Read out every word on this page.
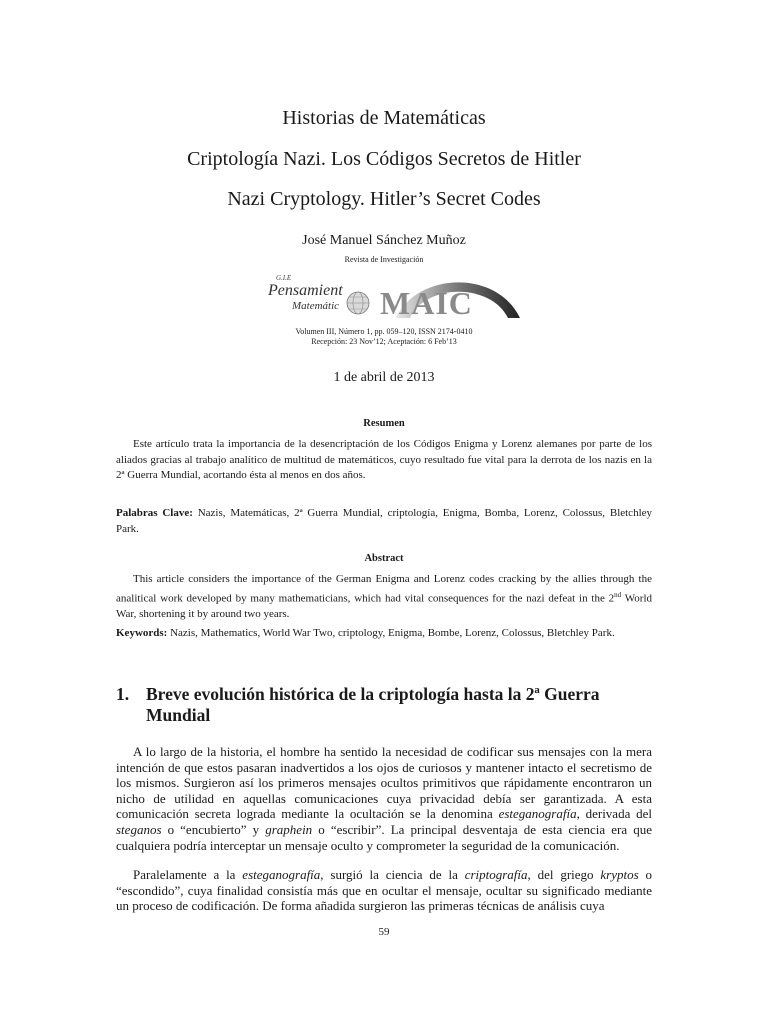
Historias de Matemáticas
Criptología Nazi. Los Códigos Secretos de Hitler
Nazi Cryptology. Hitler’s Secret Codes
José Manuel Sánchez Muñoz
Revista de Investigación
G.I.E
Pensamient
Matemátic MAIC
Volumen III, Número 1, pp. 059–120, ISSN 2174-0410
Recepción: 23 Nov’12; Aceptación: 6 Feb’13
1 de abril de 2013
Resumen

Este artículo trata la importancia de la desencriptación de los Códigos Enigma y Lorenz alemanes por parte de los aliados gracias al trabajo analítico de multitud de matemáticos, cuyo resultado fue vital para la derrota de los nazis en la 2ª Guerra Mundial, acortando ésta al menos en dos años.

Palabras Clave: Nazis, Matemáticas, 2ª Guerra Mundial, criptología, Enigma, Bomba, Lorenz, Colossus, Bletchley Park.

Abstract

This article considers the importance of the German Enigma and Lorenz codes cracking by the allies through the analitical work developed by many mathematicians, which had vital consequences for the nazi defeat in the 2nd World War, shortening it by around two years.

Keywords: Nazis, Mathematics, World War Two, criptology, Enigma, Bombe, Lorenz, Colossus, Bletchley Park.

1. Breve evolución histórica de la criptología hasta la 2ª Guerra Mundial

A lo largo de la historia, el hombre ha sentido la necesidad de codificar sus mensajes con la mera intención de que estos pasaran inadvertidos a los ojos de curiosos y mantener intacto el secretismo de los mismos. Surgieron así los primeros mensajes ocultos primitivos que rápidamente encontraron un nicho de utilidad en aquellas comunicaciones cuya privacidad debía ser garantizada. A esta comunicación secreta lograda mediante la ocultación se la denomina esteganografía, derivada del steganos o “encubierto” y graphein o “escribir”. La principal desventaja de esta ciencia era que cualquiera podría interceptar un mensaje oculto y comprometer la seguridad de la comunicación.

Paralelamente a la esteganografía, surgió la ciencia de la criptografía, del griego kryptos o “escondido”, cuya finalidad consistía más que en ocultar el mensaje, ocultar su significado mediante un proceso de codificación. De forma añadida surgieron las primeras técnicas de análisis cuya

59
